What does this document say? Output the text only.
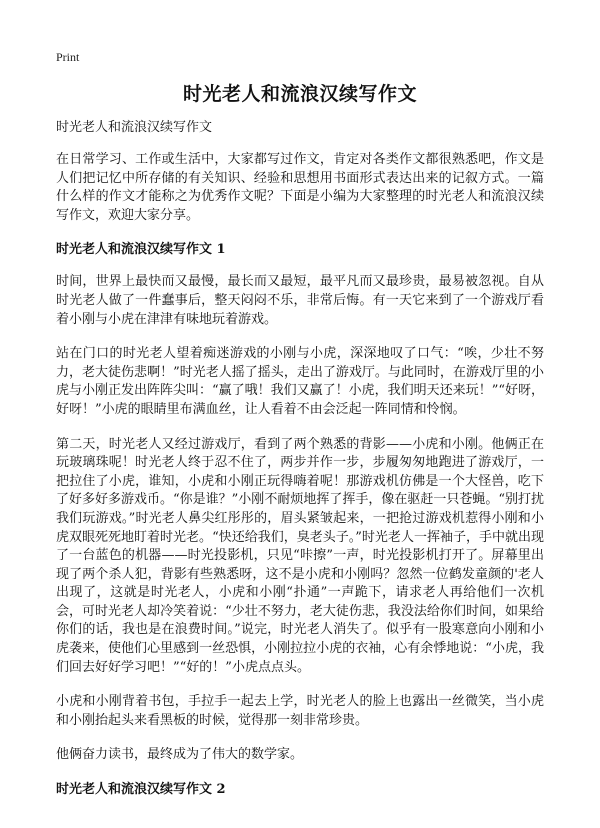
Print
时光老人和流浪汉续写作文

时光老人和流浪汉续写作文

在日常学习、工作或生活中，大家都写过作文，肯定对各类作文都很熟悉吧，作文是人们把记忆中所存储的有关知识、经验和思想用书面形式表达出来的记叙方式。一篇什么样的作文才能称之为优秀作文呢？下面是小编为大家整理的时光老人和流浪汉续写作文，欢迎大家分享。

时光老人和流浪汉续写作文 1

时间，世界上最快而又最慢，最长而又最短，最平凡而又最珍贵，最易被忽视。自从时光老人做了一件蠢事后，整天闷闷不乐，非常后悔。有一天它来到了一个游戏厅看着小刚与小虎在津津有味地玩着游戏。

站在门口的时光老人望着痴迷游戏的小刚与小虎，深深地叹了口气：“唉，少壮不努力，老大徒伤悲啊！”时光老人摇了摇头，走出了游戏厅。与此同时，在游戏厅里的小虎与小刚正发出阵阵尖叫：“赢了哦！我们又赢了！小虎，我们明天还来玩！”“好呀，好呀！”小虎的眼睛里布满血丝，让人看着不由会泛起一阵同情和怜悯。

第二天，时光老人又经过游戏厅，看到了两个熟悉的背影——小虎和小刚。他俩正在玩玻璃珠呢！时光老人终于忍不住了，两步并作一步，步履匆匆地跑进了游戏厅，一把拉住了小虎，谁知，小虎和小刚正玩得嗨着呢！那游戏机仿佛是一个大怪兽，吃下了好多好多游戏币。“你是谁？”小刚不耐烦地挥了挥手，像在驱赶一只苍蝇。“别打扰我们玩游戏。”时光老人鼻尖红彤彤的，眉头紧皱起来，一把抢过游戏机惹得小刚和小虎双眼死死地盯着时光老。“快还给我们，臭老头子。”时光老人一挥袖子，手中就出现了一台蓝色的机器——时光投影机，只见“咔擦”一声，时光投影机打开了。屏幕里出现了两个杀人犯，背影有些熟悉呀，这不是小虎和小刚吗？忽然一位鹤发童颜的'老人出现了，这就是时光老人，小虎和小刚“扑通”一声跪下，请求老人再给他们一次机会，可时光老人却冷笑着说：“少壮不努力，老大徒伤悲，我没法给你们时间，如果给你们的话，我也是在浪费时间。”说完，时光老人消失了。似乎有一股寒意向小刚和小虎袭来，使他们心里感到一丝恐惧，小刚拉拉小虎的衣袖，心有余悸地说：“小虎，我们回去好好学习吧！”“好的！”小虎点点头。

小虎和小刚背着书包，手拉手一起去上学，时光老人的脸上也露出一丝微笑，当小虎和小刚抬起头来看黑板的时候，觉得那一刻非常珍贵。

他俩奋力读书，最终成为了伟大的数学家。

时光老人和流浪汉续写作文 2
